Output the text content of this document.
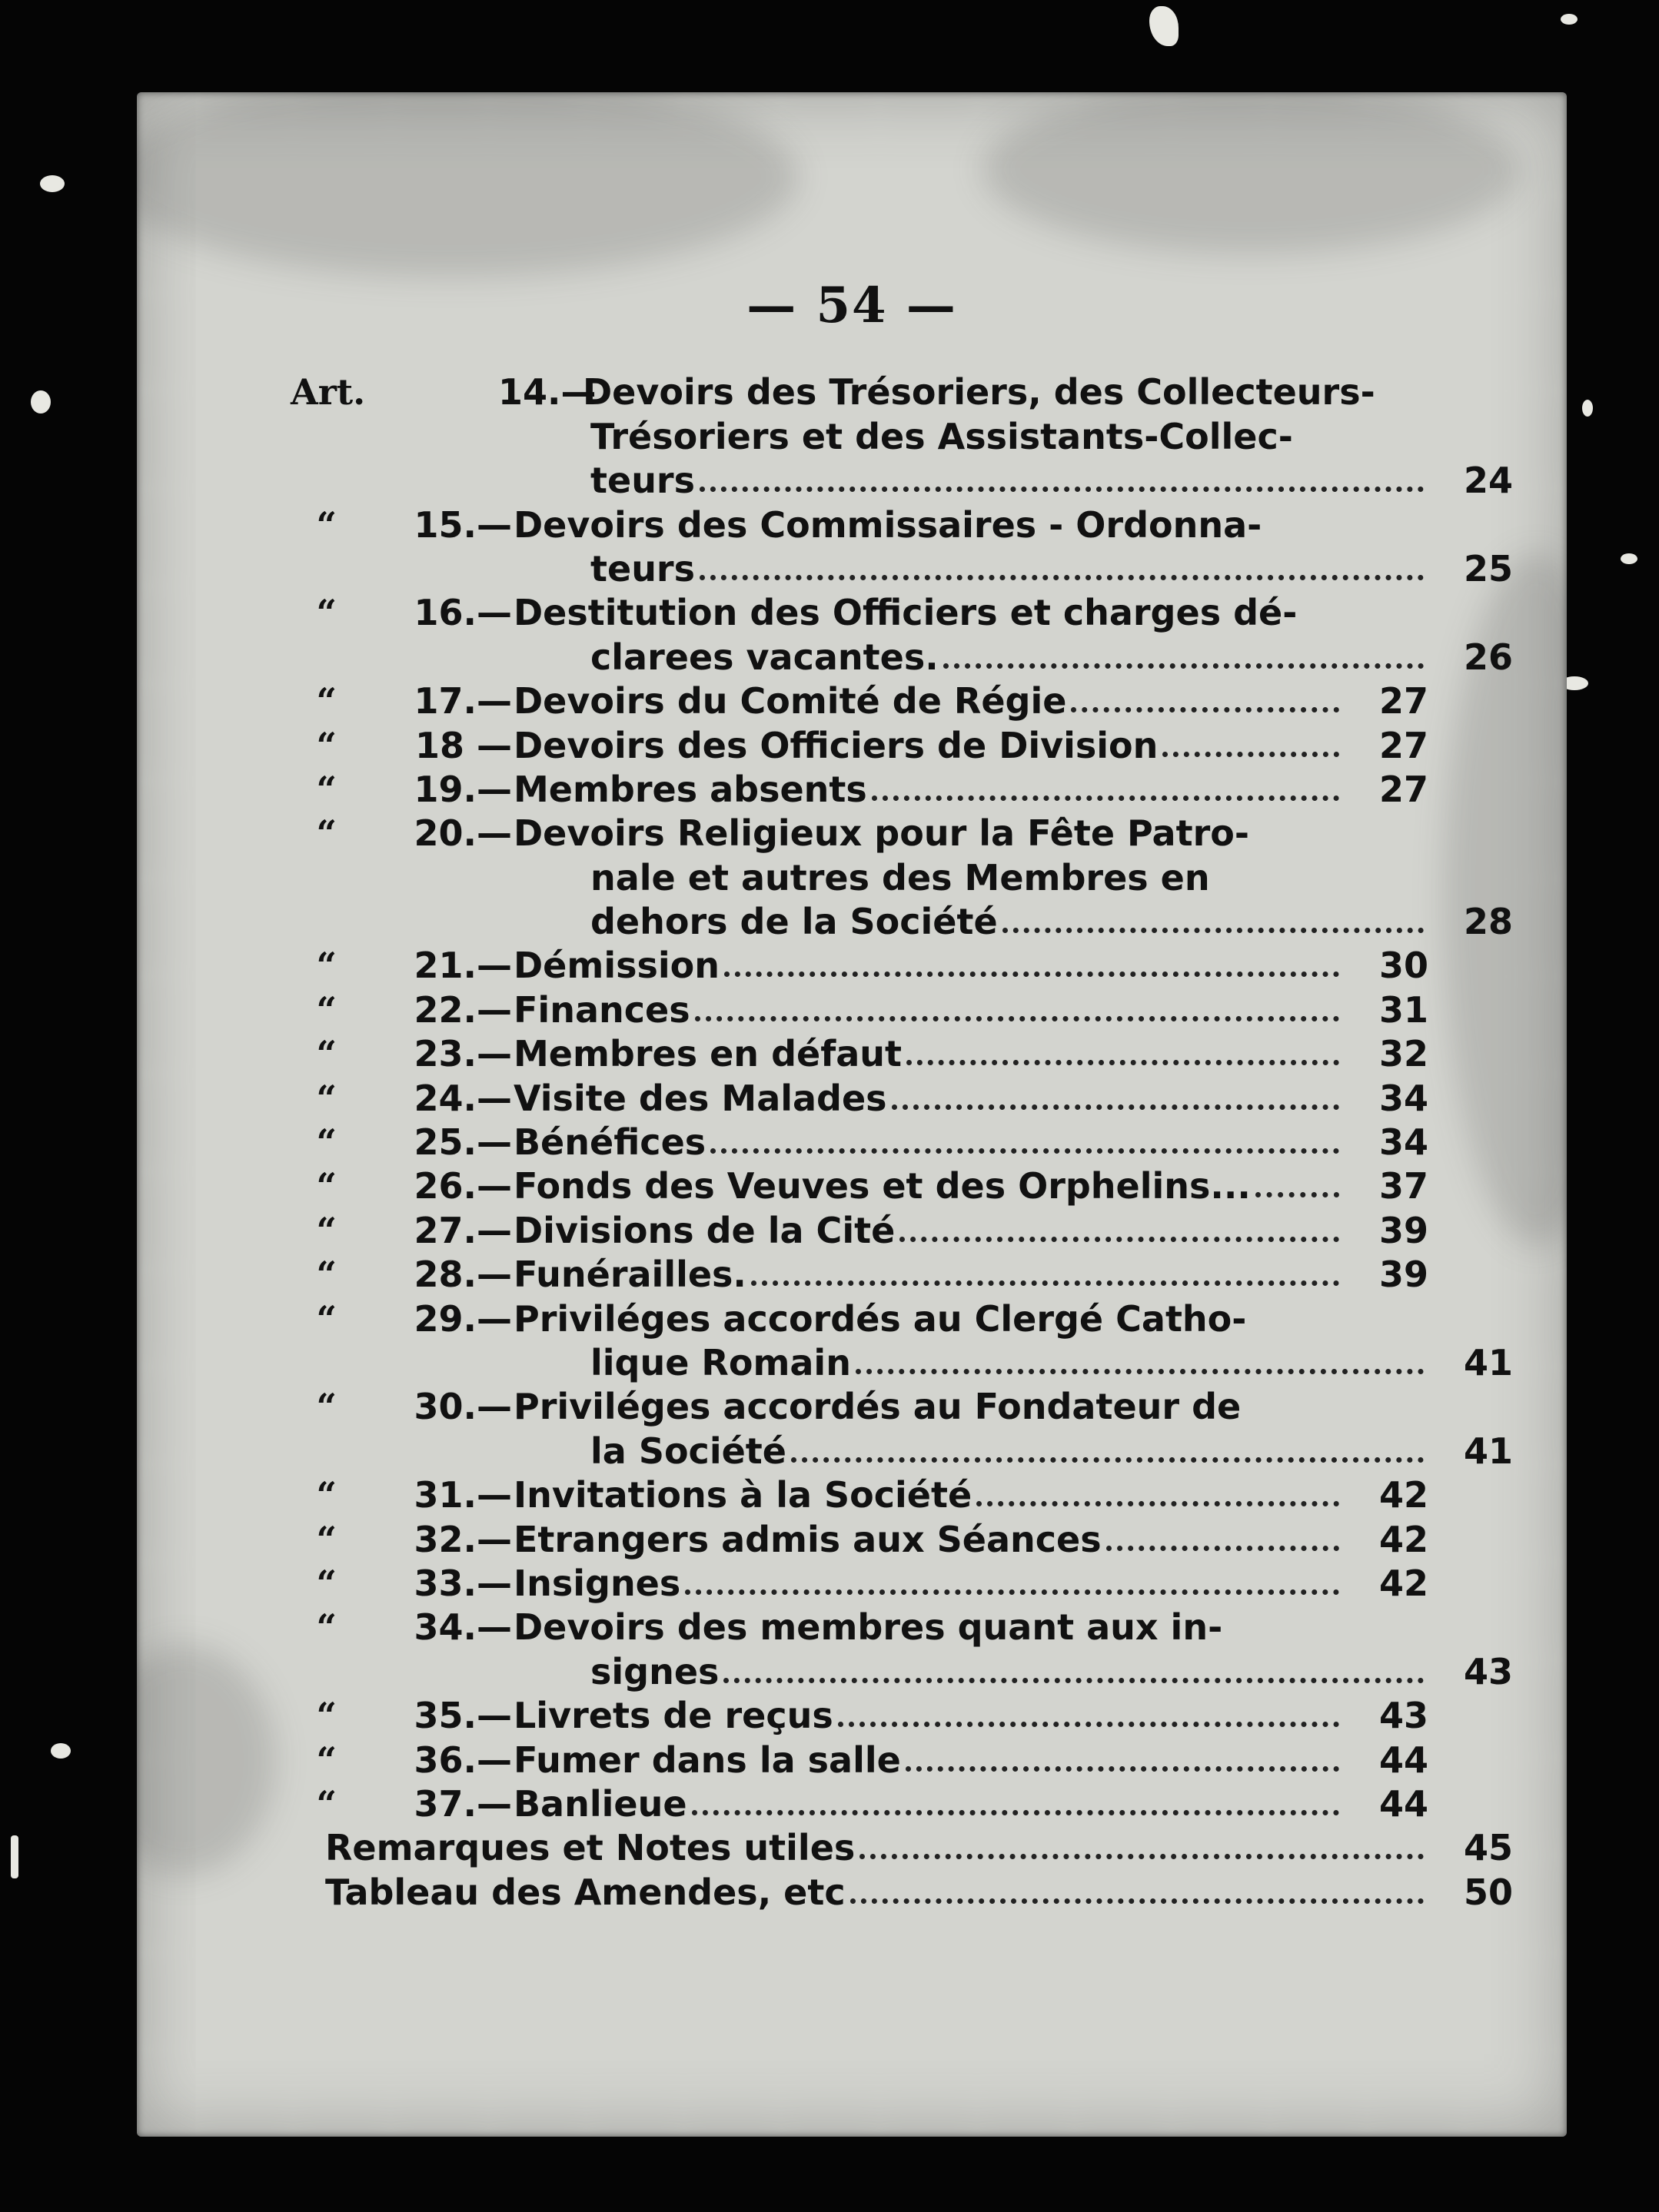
— 54 —
Art.	14.—
Devoirs des Trésoriers, des Collecteurs-
Trésoriers et des Assistants-Collec-
teurs	24
“	15.— Devoirs des Commissaires - Ordonna-
teurs	25
“	16.— Destitution des Officiers et charges dé-
clarees vacantes.	26
“	17.— Devoirs du Comité de Régie	27
“	18 — Devoirs des Officiers de Division	27
“	19.— Membres absents	27
“	20.— Devoirs Religieux pour la Fête Patro-
nale et autres des Membres en
dehors de la Société	28
“	21.— Démission	30
“	22.— Finances	31
“	23.— Membres en défaut	32
“	24.— Visite des Malades	34
“	25.— Bénéfices	34
“	26.— Fonds des Veuves et des Orphelins...	37
“	27.— Divisions de la Cité	39
“	28.— Funérailles.	39
“	29.— Priviléges accordés au Clergé Catho-
lique Romain	41
“	30.— Priviléges accordés au Fondateur de
la Société	41
“	31.— Invitations à la Société	42
“	32.— Etrangers admis aux Séances	42
“	33.— Insignes	42
“	34.— Devoirs des membres quant aux in-
signes	43
“	35.— Livrets de reçus	43
“	36.— Fumer dans la salle	44
“	37.— Banlieue	44
Remarques et Notes utiles	45
Tableau des Amendes, etc	50
